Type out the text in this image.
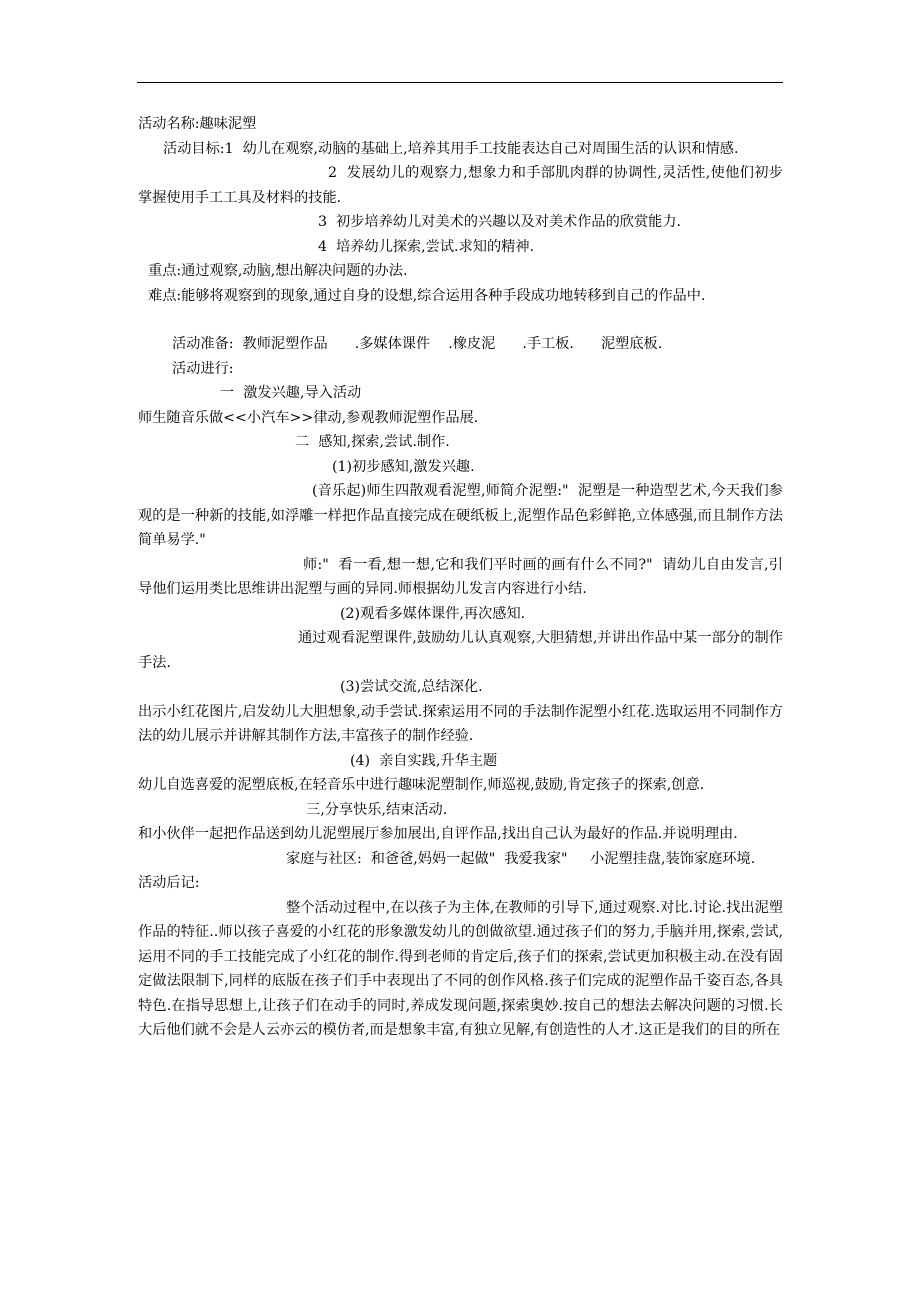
活动名称:趣味泥塑

活动目标:1  幼儿在观察,动脑的基础上,培养其用手工技能表达自己对周围生活的认识和情感.

2  发展幼儿的观察力,想象力和手部肌肉群的协调性,灵活性,使他们初步掌握使用手工工具及材料的技能.

3  初步培养幼儿对美术的兴趣以及对美术作品的欣赏能力.

4  培养幼儿探索,尝试.求知的精神.

重点:通过观察,动脑,想出解决问题的办法.

难点:能够将观察到的现象,通过自身的设想,综合运用各种手段成功地转移到自己的作品中.

活动准备:  教师泥塑作品      .多媒体课件    .橡皮泥      .手工板.      泥塑底板.

活动进行:

一  激发兴趣,导入活动

师生随音乐做<<小汽车>>律动,参观教师泥塑作品展.

二  感知,探索,尝试.制作.

(1)初步感知,激发兴趣.

(音乐起)师生四散观看泥塑,师简介泥塑:"  泥塑是一种造型艺术,今天我们参观的是一种新的技能,如浮雕一样把作品直接完成在硬纸板上,泥塑作品色彩鲜艳,立体感强,而且制作方法简单易学."

师:"  看一看,想一想,它和我们平时画的画有什么不同?"  请幼儿自由发言,引导他们运用类比思维讲出泥塑与画的异同.师根据幼儿发言内容进行小结.

(2)观看多媒体课件,再次感知.

通过观看泥塑课件,鼓励幼儿认真观察,大胆猜想,并讲出作品中某一部分的制作手法.

(3)尝试交流,总结深化.

出示小红花图片,启发幼儿大胆想象,动手尝试.探索运用不同的手法制作泥塑小红花.选取运用不同制作方法的幼儿展示并讲解其制作方法,丰富孩子的制作经验.

(4)  亲自实践,升华主题

幼儿自选喜爱的泥塑底板,在轻音乐中进行趣味泥塑制作,师巡视,鼓励,肯定孩子的探索,创意.

三,分享快乐,结束活动.

和小伙伴一起把作品送到幼儿泥塑展厅参加展出,自评作品,找出自己认为最好的作品.并说明理由.

家庭与社区:  和爸爸,妈妈一起做"  我爱我家"     小泥塑挂盘,装饰家庭环境.

活动后记:

整个活动过程中,在以孩子为主体,在教师的引导下,通过观察.对比.讨论.找出泥塑作品的特征..师以孩子喜爱的小红花的形象激发幼儿的创做欲望.通过孩子们的努力,手脑并用,探索,尝试,运用不同的手工技能完成了小红花的制作.得到老师的肯定后,孩子们的探索,尝试更加积极主动.在没有固定做法限制下,同样的底版在孩子们手中表现出了不同的创作风格.孩子们完成的泥塑作品千姿百态,各具特色.在指导思想上,让孩子们在动手的同时,养成发现问题,探索奥妙.按自己的想法去解决问题的习惯.长大后他们就不会是人云亦云的模仿者,而是想象丰富,有独立见解,有创造性的人才.这正是我们的目的所在
